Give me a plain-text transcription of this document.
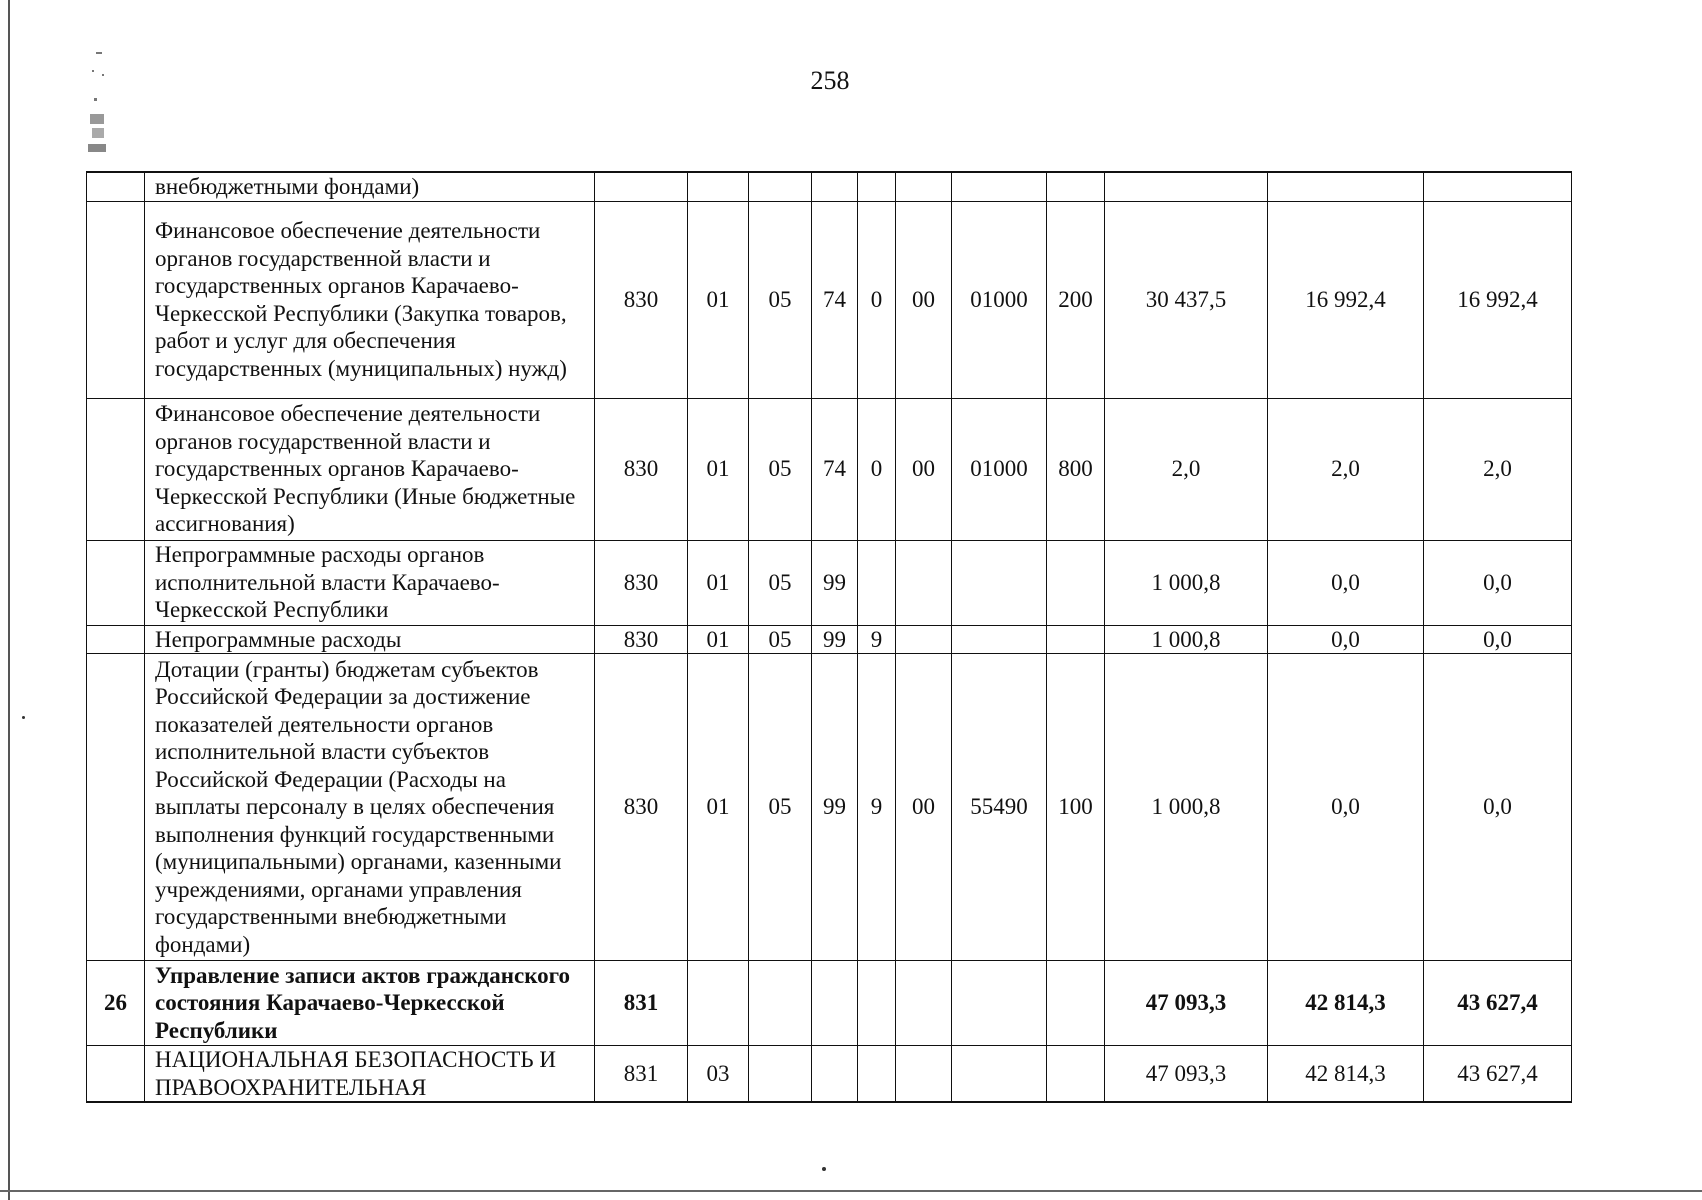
258
	внебюджетными фондами)											
	Финансовое обеспечение деятельности органов государственной власти и государственных органов Карачаево-Черкесской Республики (Закупка товаров, работ и услуг для обеспечения государственных (муниципальных) нужд)	830	01	05	74	0	00	01000	200	30 437,5	16 992,4	16 992,4
	Финансовое обеспечение деятельности органов государственной власти и государственных органов Карачаево-Черкесской Республики (Иные бюджетные ассигнования)	830	01	05	74	0	00	01000	800	2,0	2,0	2,0
	Непрограммные расходы органов исполнительной власти Карачаево-Черкесской Республики	830	01	05	99					1 000,8	0,0	0,0
	Непрограммные расходы	830	01	05	99	9				1 000,8	0,0	0,0
	Дотации (гранты) бюджетам субъектов Российской Федерации за достижение показателей деятельности органов исполнительной власти субъектов Российской Федерации (Расходы на выплаты персоналу в целях обеспечения выполнения функций государственными (муниципальными) органами, казенными учреждениями, органами управления государственными внебюджетными фондами)	830	01	05	99	9	00	55490	100	1 000,8	0,0	0,0
26	Управление записи актов гражданского состояния Карачаево-Черкесской Республики	831								47 093,3	42 814,3	43 627,4
	НАЦИОНАЛЬНАЯ БЕЗОПАСНОСТЬ И ПРАВООХРАНИТЕЛЬНАЯ	831	03							47 093,3	42 814,3	43 627,4
